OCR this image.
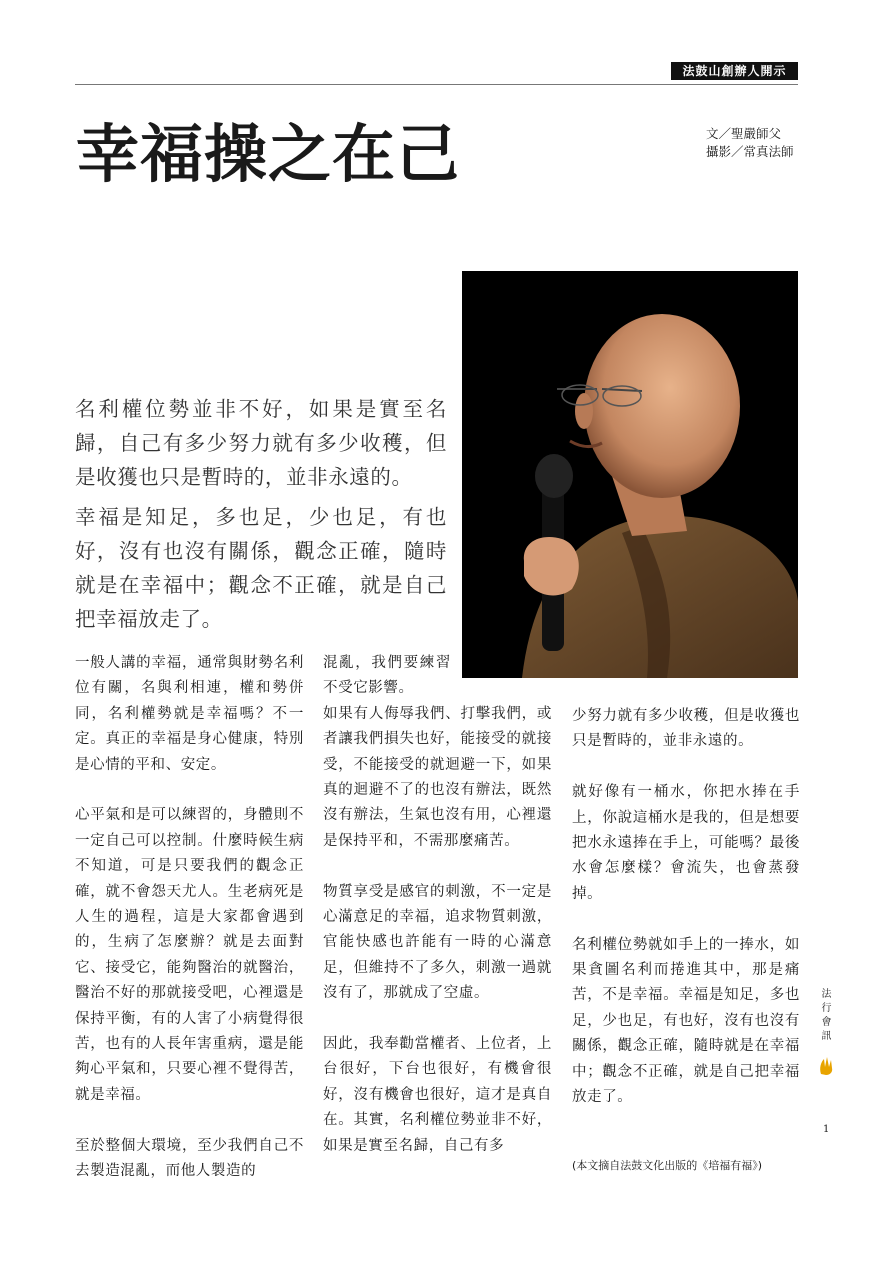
法鼓山創辦人開示
幸福操之在己	文／聖嚴師父
攝影／常真法師

名利權位勢並非不好，如果是實至名歸，自己有多少努力就有多少收穫，但是收獲也只是暫時的，並非永遠的。

幸福是知足，多也足，少也足，有也好，沒有也沒有關係，觀念正確，隨時就是在幸福中；觀念不正確，就是自己把幸福放走了。

一般人講的幸福，通常與財勢名利位有關，名與利相連，權和勢併同，名利權勢就是幸福嗎？不一定。真正的幸福是身心健康，特別是心情的平和、安定。
心平氣和是可以練習的，身體則不一定自己可以控制。什麼時候生病不知道，可是只要我們的觀念正確，就不會怨天尤人。生老病死是人生的過程，這是大家都會遇到的，生病了怎麼辦？就是去面對它、接受它，能夠醫治的就醫治，醫治不好的那就接受吧，心裡還是保持平衡，有的人害了小病覺得很苦，也有的人長年害重病，還是能夠心平氣和，只要心裡不覺得苦，就是幸福。
至於整個大環境，至少我們自己不去製造混亂，而他人製造的
混亂，我們要練習不受它影響。
如果有人侮辱我們、打擊我們，或者讓我們損失也好，能接受的就接受，不能接受的就迴避一下，如果真的迴避不了的也沒有辦法，既然沒有辦法，生氣也沒有用，心裡還是保持平和，不需那麼痛苦。
物質享受是感官的刺激，不一定是心滿意足的幸福，追求物質刺激，官能快感也許能有一時的心滿意足，但維持不了多久，刺激一過就沒有了，那就成了空虛。
因此，我奉勸當權者、上位者，上台很好，下台也很好，有機會很好，沒有機會也很好，這才是真自在。其實，名利權位勢並非不好，如果是實至名歸，自己有多
少努力就有多少收穫，但是收獲也只是暫時的，並非永遠的。
就好像有一桶水，你把水捧在手上，你說這桶水是我的，但是想要把水永遠捧在手上，可能嗎？最後水會怎麼樣？會流失，也會蒸發掉。
名利權位勢就如手上的一捧水，如果貪圖名利而捲進其中，那是痛苦，不是幸福。幸福是知足，多也足，少也足，有也好，沒有也沒有關係，觀念正確，隨時就是在幸福中；觀念不正確，就是自己把幸福放走了。
(本文摘自法鼓文化出版的《培福有福》)
法行會訊
1
